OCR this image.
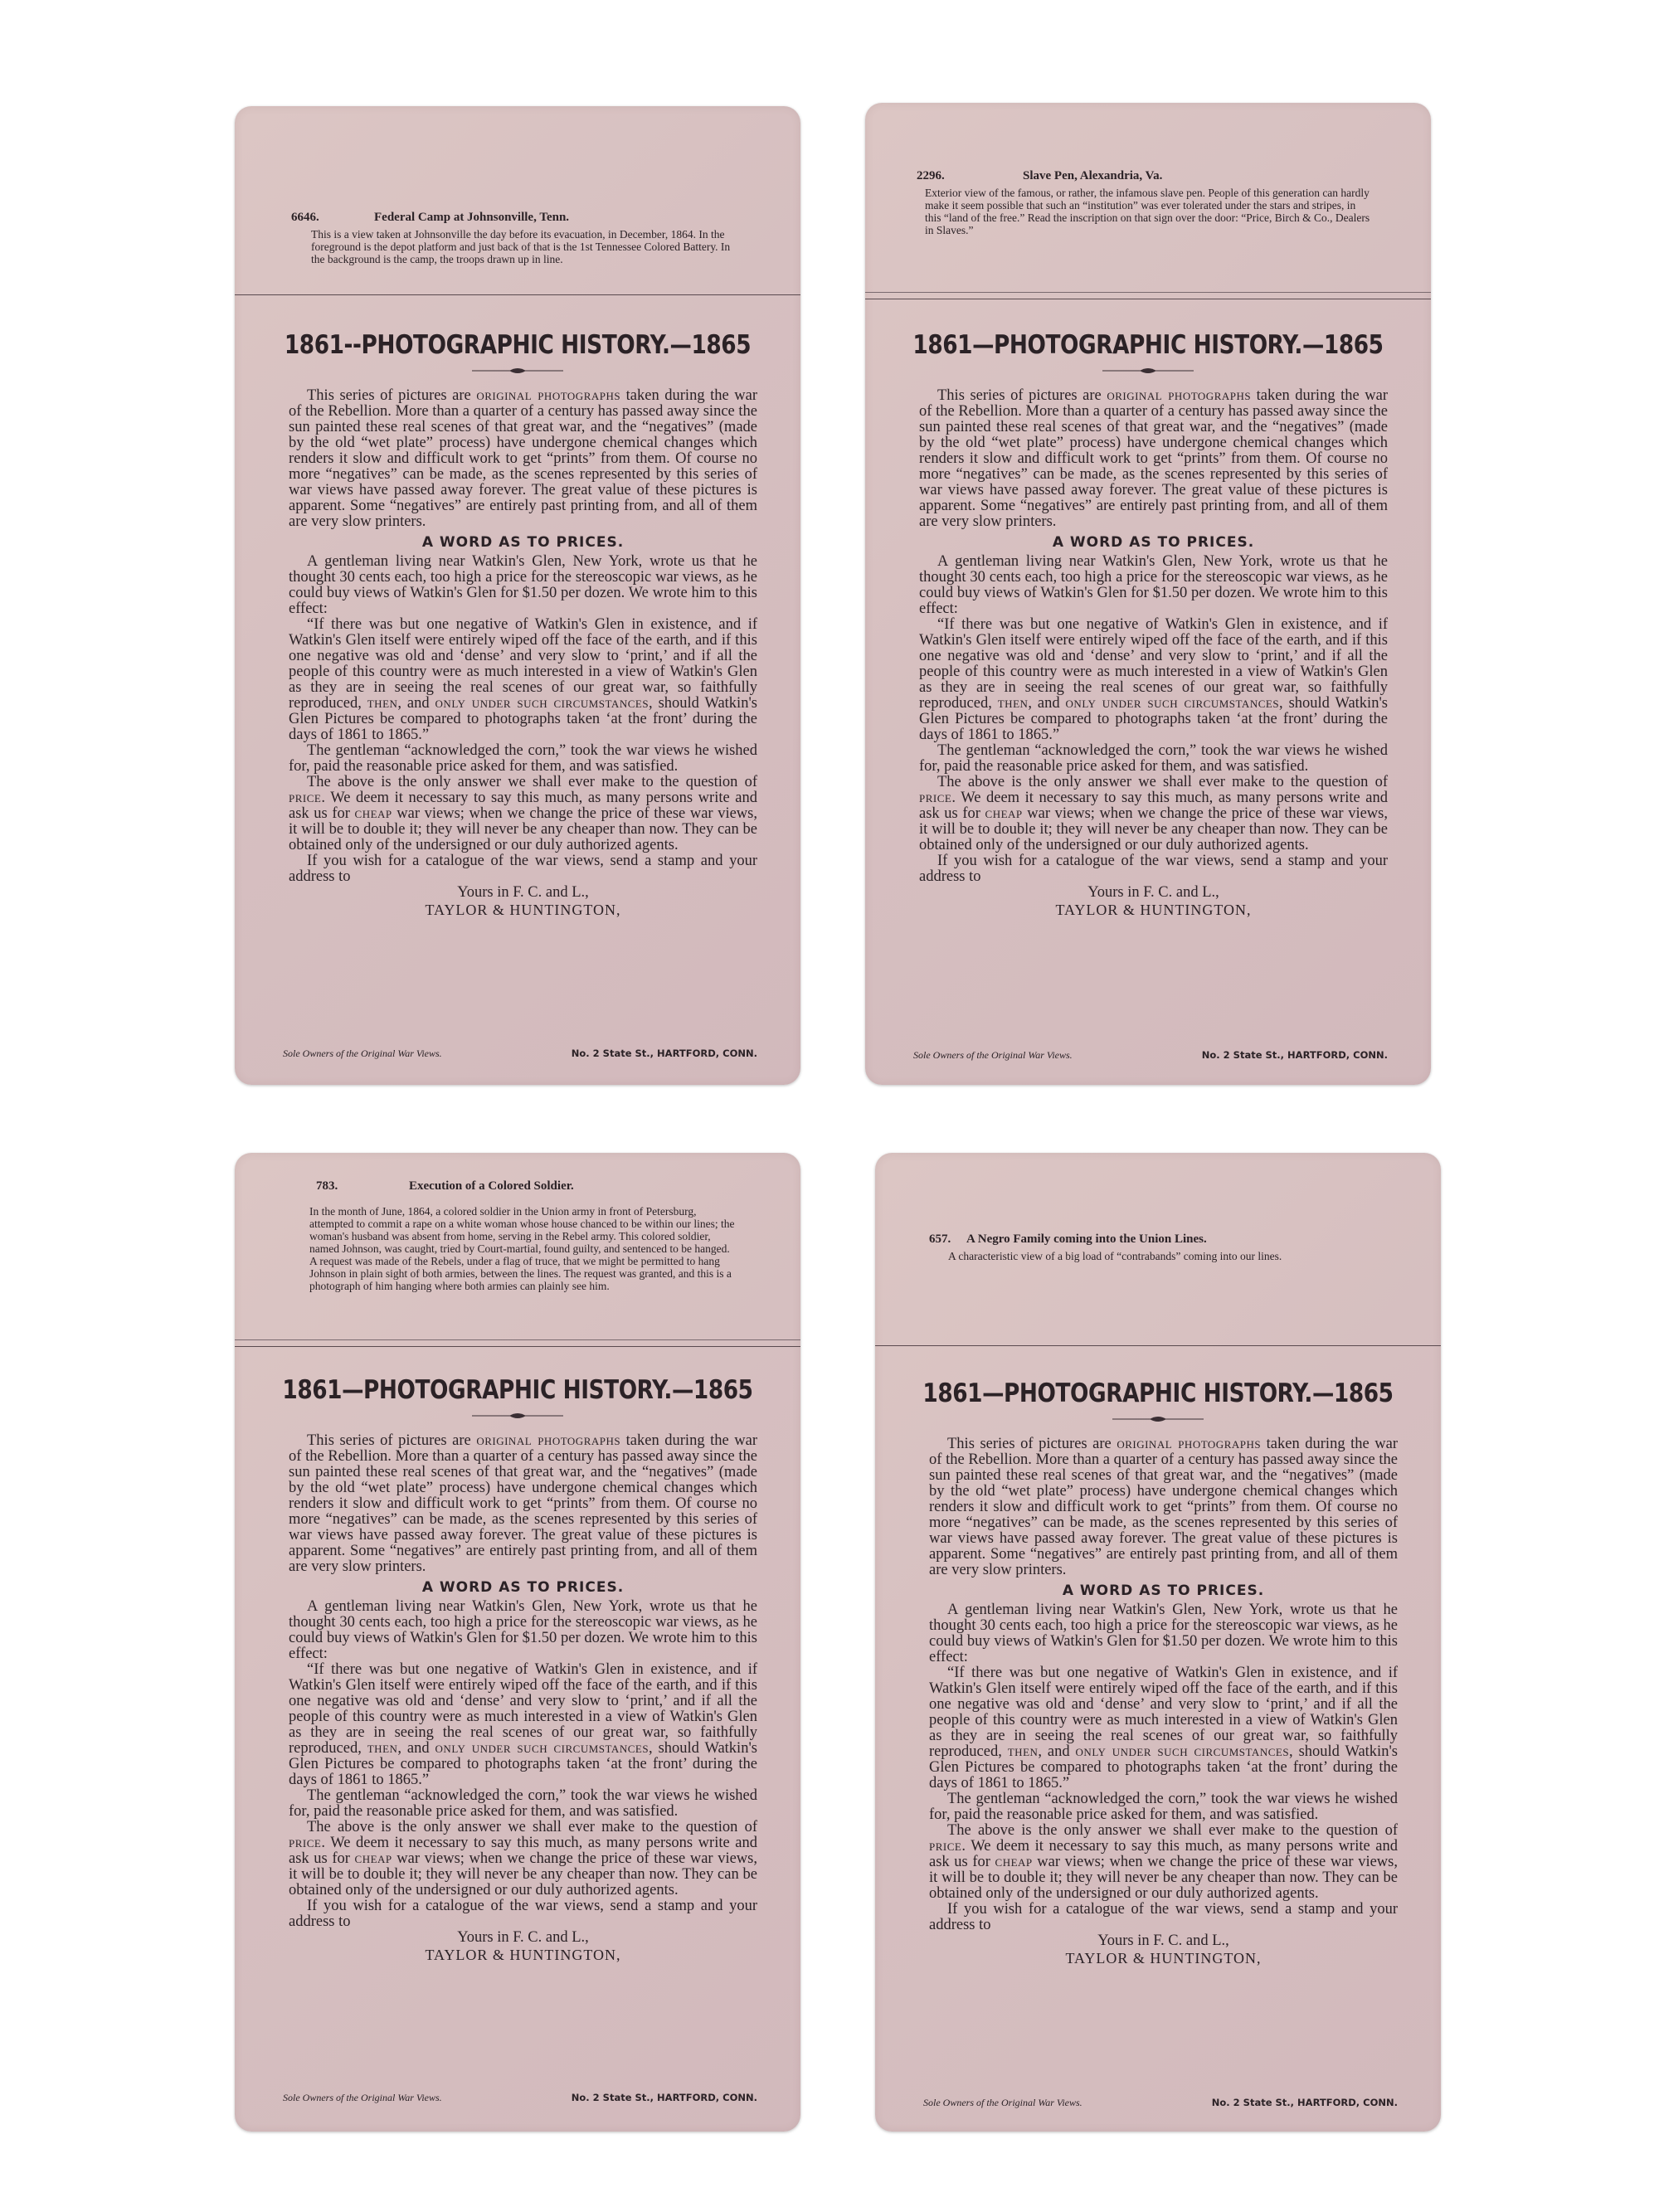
6646.	Federal Camp at Johnsonville, Tenn.
This is a view taken at Johnsonville the day before its evacuation, in December, 1864. In the foreground is the depot platform and just back of that is the 1st Tennessee Colored Battery. In the background is the camp, the troops drawn up in line.
1861--PHOTOGRAPHIC HISTORY.—1865

This series of pictures are original photographs taken during the war of the Rebellion. More than a quarter of a century has passed away since the sun painted these real scenes of that great war, and the “negatives” (made by the old “wet plate” process) have undergone chemical changes which renders it slow and difficult work to get “prints” from them. Of course no more “negatives” can be made, as the scenes represented by this series of war views have passed away forever. The great value of these pictures is apparent. Some “negatives” are entirely past printing from, and all of them are very slow printers.

A WORD AS TO PRICES.

A gentleman living near Watkin's Glen, New York, wrote us that he thought 30 cents each, too high a price for the stereoscopic war views, as he could buy views of Watkin's Glen for $1.50 per dozen. We wrote him to this effect:

“If there was but one negative of Watkin's Glen in existence, and if Watkin's Glen itself were entirely wiped off the face of the earth, and if this one negative was old and ‘dense’ and very slow to ‘print,’ and if all the people of this country were as much interested in a view of Watkin's Glen as they are in seeing the real scenes of our great war, so faithfully reproduced, then, and only under such circumstances, should Watkin's Glen Pictures be compared to photographs taken ‘at the front’ during the days of 1861 to 1865.”

The gentleman “acknowledged the corn,” took the war views he wished for, paid the reasonable price asked for them, and was satisfied.

The above is the only answer we shall ever make to the question of price. We deem it necessary to say this much, as many persons write and ask us for cheap war views; when we change the price of these war views, it will be to double it; they will never be any cheaper than now. They can be obtained only of the undersigned or our duly authorized agents.

If you wish for a catalogue of the war views, send a stamp and your address to

Yours in F. C. and L.,

TAYLOR & HUNTINGTON,

Sole Owners of the Original War Views.	No. 2 State St., HARTFORD, CONN.
2296.	Slave Pen, Alexandria, Va.
Exterior view of the famous, or rather, the infamous slave pen. People of this generation can hardly make it seem possible that such an “institution” was ever tolerated under the stars and stripes, in this “land of the free.” Read the inscription on that sign over the door: “Price, Birch & Co., Dealers in Slaves.”
1861—PHOTOGRAPHIC HISTORY.—1865

This series of pictures are original photographs taken during the war of the Rebellion. More than a quarter of a century has passed away since the sun painted these real scenes of that great war, and the “negatives” (made by the old “wet plate” process) have undergone chemical changes which renders it slow and difficult work to get “prints” from them. Of course no more “negatives” can be made, as the scenes represented by this series of war views have passed away forever. The great value of these pictures is apparent. Some “negatives” are entirely past printing from, and all of them are very slow printers.

A WORD AS TO PRICES.

A gentleman living near Watkin's Glen, New York, wrote us that he thought 30 cents each, too high a price for the stereoscopic war views, as he could buy views of Watkin's Glen for $1.50 per dozen. We wrote him to this effect:

“If there was but one negative of Watkin's Glen in existence, and if Watkin's Glen itself were entirely wiped off the face of the earth, and if this one negative was old and ‘dense’ and very slow to ‘print,’ and if all the people of this country were as much interested in a view of Watkin's Glen as they are in seeing the real scenes of our great war, so faithfully reproduced, then, and only under such circumstances, should Watkin's Glen Pictures be compared to photographs taken ‘at the front’ during the days of 1861 to 1865.”

The gentleman “acknowledged the corn,” took the war views he wished for, paid the reasonable price asked for them, and was satisfied.

The above is the only answer we shall ever make to the question of price. We deem it necessary to say this much, as many persons write and ask us for cheap war views; when we change the price of these war views, it will be to double it; they will never be any cheaper than now. They can be obtained only of the undersigned or our duly authorized agents.

If you wish for a catalogue of the war views, send a stamp and your address to

Yours in F. C. and L.,

TAYLOR & HUNTINGTON,

Sole Owners of the Original War Views.	No. 2 State St., HARTFORD, CONN.
783.	Execution of a Colored Soldier.
In the month of June, 1864, a colored soldier in the Union army in front of Petersburg, attempted to commit a rape on a white woman whose house chanced to be within our lines; the woman's husband was absent from home, serving in the Rebel army. This colored soldier, named Johnson, was caught, tried by Court-martial, found guilty, and sentenced to be hanged. A request was made of the Rebels, under a flag of truce, that we might be permitted to hang Johnson in plain sight of both armies, between the lines. The request was granted, and this is a photograph of him hanging where both armies can plainly see him.
1861—PHOTOGRAPHIC HISTORY.—1865

This series of pictures are original photographs taken during the war of the Rebellion. More than a quarter of a century has passed away since the sun painted these real scenes of that great war, and the “negatives” (made by the old “wet plate” process) have undergone chemical changes which renders it slow and difficult work to get “prints” from them. Of course no more “negatives” can be made, as the scenes represented by this series of war views have passed away forever. The great value of these pictures is apparent. Some “negatives” are entirely past printing from, and all of them are very slow printers.

A WORD AS TO PRICES.

A gentleman living near Watkin's Glen, New York, wrote us that he thought 30 cents each, too high a price for the stereoscopic war views, as he could buy views of Watkin's Glen for $1.50 per dozen. We wrote him to this effect:

“If there was but one negative of Watkin's Glen in existence, and if Watkin's Glen itself were entirely wiped off the face of the earth, and if this one negative was old and ‘dense’ and very slow to ‘print,’ and if all the people of this country were as much interested in a view of Watkin's Glen as they are in seeing the real scenes of our great war, so faithfully reproduced, then, and only under such circumstances, should Watkin's Glen Pictures be compared to photographs taken ‘at the front’ during the days of 1861 to 1865.”

The gentleman “acknowledged the corn,” took the war views he wished for, paid the reasonable price asked for them, and was satisfied.

The above is the only answer we shall ever make to the question of price. We deem it necessary to say this much, as many persons write and ask us for cheap war views; when we change the price of these war views, it will be to double it; they will never be any cheaper than now. They can be obtained only of the undersigned or our duly authorized agents.

If you wish for a catalogue of the war views, send a stamp and your address to

Yours in F. C. and L.,

TAYLOR & HUNTINGTON,

Sole Owners of the Original War Views.	No. 2 State St., HARTFORD, CONN.
657. A Negro Family coming into the Union Lines.
A characteristic view of a big load of “contrabands” coming into our lines.
1861—PHOTOGRAPHIC HISTORY.—1865

This series of pictures are original photographs taken during the war of the Rebellion. More than a quarter of a century has passed away since the sun painted these real scenes of that great war, and the “negatives” (made by the old “wet plate” process) have undergone chemical changes which renders it slow and difficult work to get “prints” from them. Of course no more “negatives” can be made, as the scenes represented by this series of war views have passed away forever. The great value of these pictures is apparent. Some “negatives” are entirely past printing from, and all of them are very slow printers.

A WORD AS TO PRICES.

A gentleman living near Watkin's Glen, New York, wrote us that he thought 30 cents each, too high a price for the stereoscopic war views, as he could buy views of Watkin's Glen for $1.50 per dozen. We wrote him to this effect:

“If there was but one negative of Watkin's Glen in existence, and if Watkin's Glen itself were entirely wiped off the face of the earth, and if this one negative was old and ‘dense’ and very slow to ‘print,’ and if all the people of this country were as much interested in a view of Watkin's Glen as they are in seeing the real scenes of our great war, so faithfully reproduced, then, and only under such circumstances, should Watkin's Glen Pictures be compared to photographs taken ‘at the front’ during the days of 1861 to 1865.”

The gentleman “acknowledged the corn,” took the war views he wished for, paid the reasonable price asked for them, and was satisfied.

The above is the only answer we shall ever make to the question of price. We deem it necessary to say this much, as many persons write and ask us for cheap war views; when we change the price of these war views, it will be to double it; they will never be any cheaper than now. They can be obtained only of the undersigned or our duly authorized agents.

If you wish for a catalogue of the war views, send a stamp and your address to

Yours in F. C. and L.,

TAYLOR & HUNTINGTON,

Sole Owners of the Original War Views.	No. 2 State St., HARTFORD, CONN.
